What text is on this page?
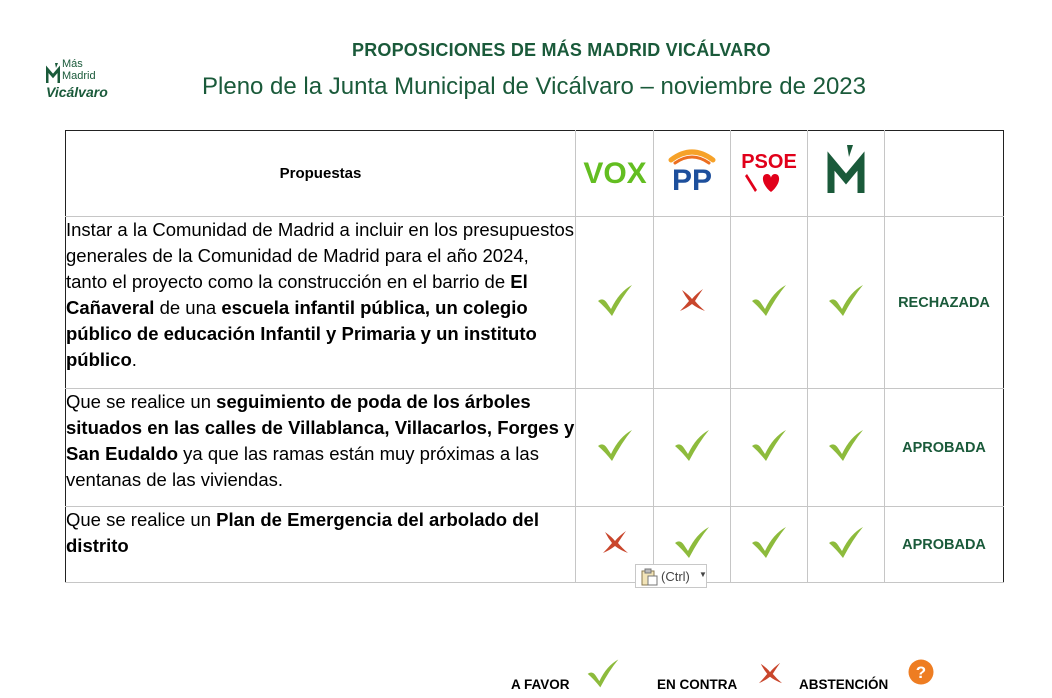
Más
Madrid
Vicálvaro
PROPOSICIONES DE MÁS MADRID VICÁLVARO
Pleno de la Junta Municipal de Vicálvaro – noviembre de 2023
Propuestas	VOX	PP	PSOE

Instar a la Comunidad de Madrid a incluir en los presupuestos generales de la Comunidad de Madrid para el año 2024, tanto el proyecto como la construcción en el barrio de El Cañaveral de una escuela infantil pública, un colegio público de educación Infantil y Primaria y un instituto público.					RECHAZADA
Que se realice un seguimiento de poda de los árboles situados en las calles de Villablanca, Villacarlos, Forges y San Eudaldo ya que las ramas están muy próximas a las ventanas de las viviendas.					APROBADA
Que se realice un Plan de Emergencia del arbolado del distrito					APROBADA
(Ctrl) ▼
A FAVOR	EN CONTRA	ABSTENCIÓN
?
